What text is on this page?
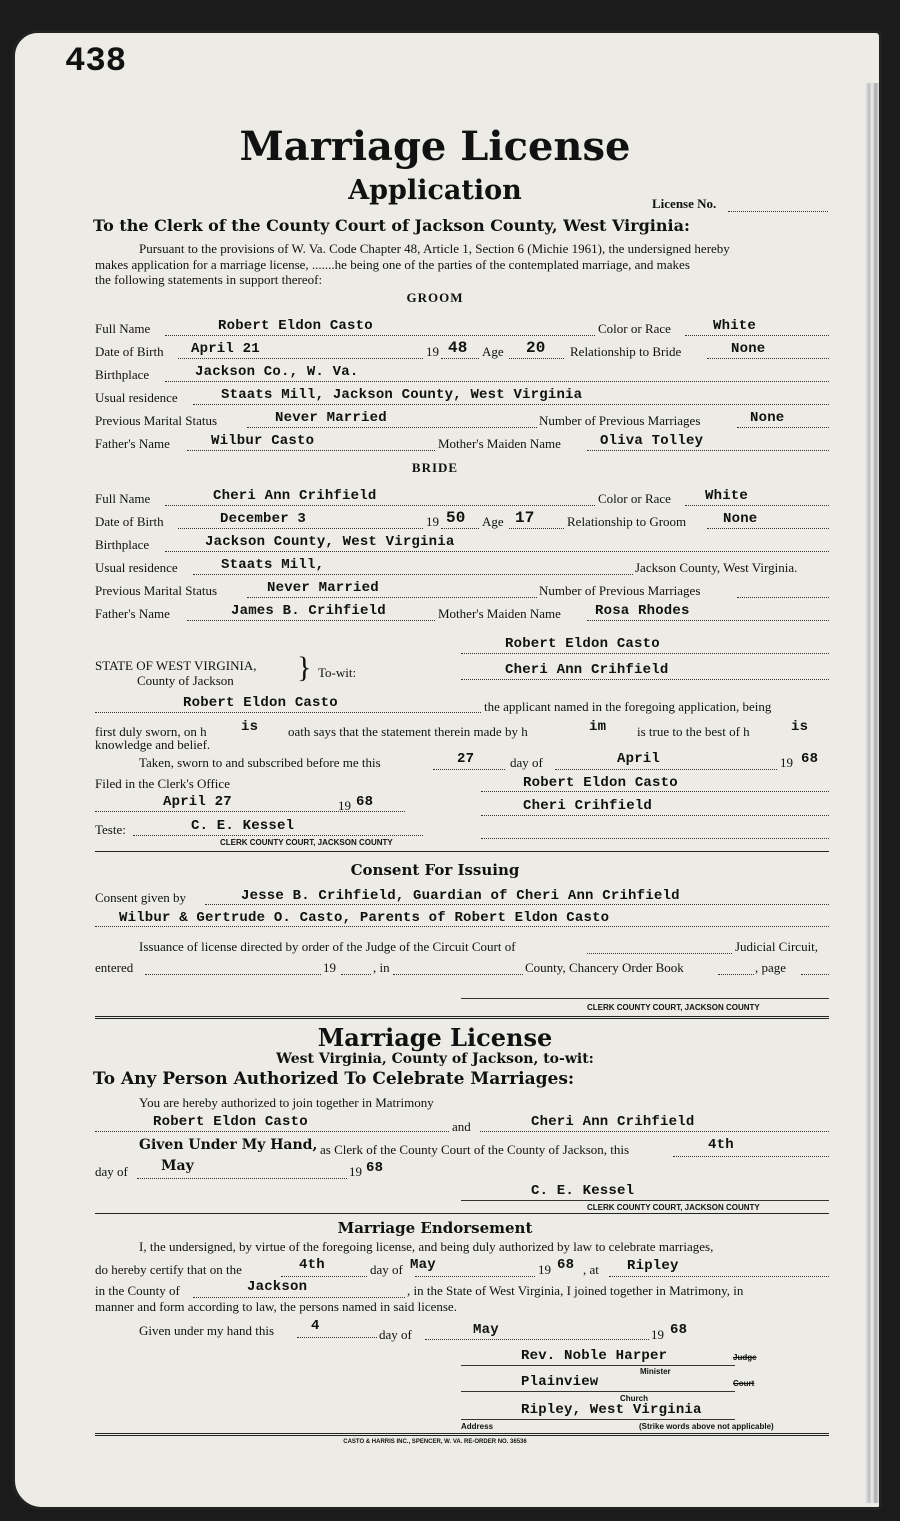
438
Marriage License
Application	License No.
To the Clerk of the County Court of Jackson County, West Virginia:
Pursuant to the provisions of W. Va. Code Chapter 48, Article 1, Section 6 (Michie 1961), the undersigned hereby
makes application for a marriage license, .......he being one of the parties of the contemplated marriage, and makes
the following statements in support thereof:
GROOM
Full Name	Robert Eldon Casto	Color or Race	White
Date of Birth April 21	19 48 Age 20 Relationship to Bride	None
Birthplace	Jackson Co., W. Va.
Usual residence	Staats Mill, Jackson County, West Virginia
Previous Marital Status	Never Married	Number of Previous Marriages	None
Father's Name	Wilbur Casto	Mother's Maiden Name	Oliva Tolley
BRIDE
Full Name	Cheri Ann Crihfield	Color or Race White
Date of Birth	December 3	19 50 Age 17 Relationship to Groom	None
Birthplace	Jackson County, West Virginia
Usual residence	Staats Mill,	Jackson County, West Virginia.
Previous Marital Status	Never Married	Number of Previous Marriages
Father's Name	James B. Crihfield	Mother's Maiden Name Rosa Rhodes
Robert Eldon Casto
STATE OF WEST VIRGINIA,
County of Jackson } To-wit:	Cheri Ann Crihfield
Robert Eldon Casto	the applicant named in the foregoing application, being
first duly sworn, on h is oath says that the statement therein made by h	im is true to the best of h	is
knowledge and belief.
Taken, sworn to and subscribed before me this	27	day of	April	19 68
Filed in the Clerk's Office
April 27	19 68
Robert Eldon Casto
Cheri Crihfield
Teste:	C. E. Kessel
CLERK COUNTY COURT, JACKSON COUNTY
Consent For Issuing
Consent given by	Jesse B. Crihfield, Guardian of Cheri Ann Crihfield
Wilbur & Gertrude O. Casto, Parents of Robert Eldon Casto
Issuance of license directed by order of the Judge of the Circuit Court of	Judicial Circuit,
entered	19	, in	County, Chancery Order Book	, page
CLERK COUNTY COURT, JACKSON COUNTY
Marriage License
West Virginia, County of Jackson, to-wit:
To Any Person Authorized To Celebrate Marriages:
You are hereby authorized to join together in Matrimony
Robert Eldon Casto	and	Cheri Ann Crihfield
Given Under My Hand, as Clerk of the County Court of the County of Jackson, this	4th
day of May	19 68
C. E. Kessel
CLERK COUNTY COURT, JACKSON COUNTY
Marriage Endorsement
I, the undersigned, by virtue of the foregoing license, and being duly authorized by law to celebrate marriages,
do hereby certify that on the	4th	day of May	19 68 , at Ripley
in the County of	Jackson	, in the State of West Virginia, I joined together in Matrimony, in
manner and form according to law, the persons named in said license.
Given under my hand this	4
day of	May	19 68
Rev. Noble Harper
Minister
Judge
Plainview
Church
Court
Ripley, West Virginia
Address	(Strike words above not applicable)
CASTO & HARRIS INC., SPENCER, W. VA. RE-ORDER NO. 36536
